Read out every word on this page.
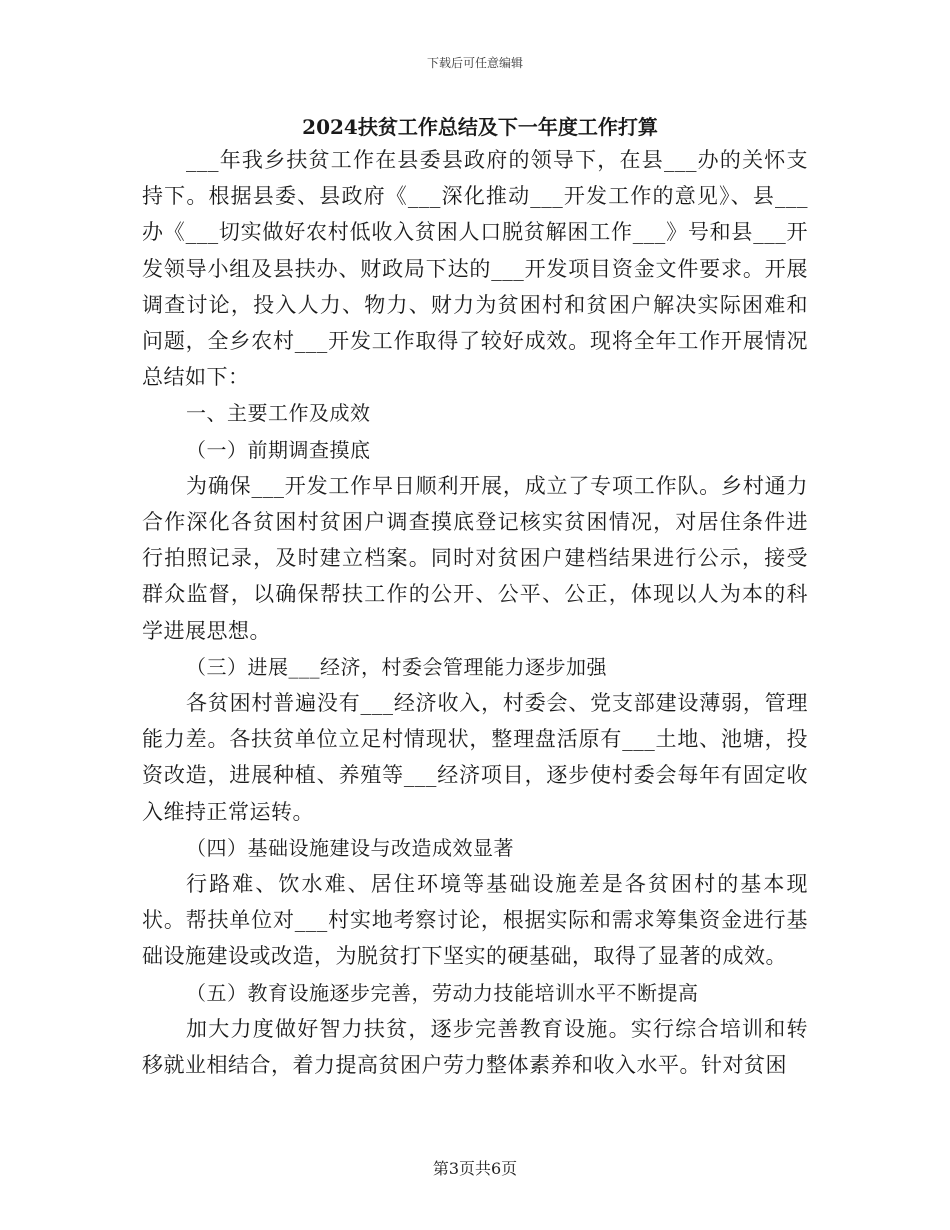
下载后可任意编辑
2024扶贫工作总结及下一年度工作打算

___年我乡扶贫工作在县委县政府的领导下，在县___办的关怀支持下。根据县委、县政府《___深化推动___开发工作的意见》、县___办《___切实做好农村低收入贫困人口脱贫解困工作___》号和县___开发领导小组及县扶办、财政局下达的___开发项目资金文件要求。开展调查讨论，投入人力、物力、财力为贫困村和贫困户解决实际困难和问题，全乡农村___开发工作取得了较好成效。现将全年工作开展情况总结如下：

一、主要工作及成效

（一）前期调查摸底

为确保___开发工作早日顺利开展，成立了专项工作队。乡村通力合作深化各贫困村贫困户调查摸底登记核实贫困情况，对居住条件进行拍照记录，及时建立档案。同时对贫困户建档结果进行公示，接受群众监督，以确保帮扶工作的公开、公平、公正，体现以人为本的科学进展思想。

（三）进展___经济，村委会管理能力逐步加强

各贫困村普遍没有___经济收入，村委会、党支部建设薄弱，管理能力差。各扶贫单位立足村情现状，整理盘活原有___土地、池塘，投资改造，进展种植、养殖等___经济项目，逐步使村委会每年有固定收入维持正常运转。

（四）基础设施建设与改造成效显著

行路难、饮水难、居住环境等基础设施差是各贫困村的基本现状。帮扶单位对___村实地考察讨论，根据实际和需求筹集资金进行基础设施建设或改造，为脱贫打下坚实的硬基础，取得了显著的成效。

（五）教育设施逐步完善，劳动力技能培训水平不断提高

加大力度做好智力扶贫，逐步完善教育设施。实行综合培训和转移就业相结合，着力提高贫困户劳力整体素养和收入水平。针对贫困

第3页共6页
